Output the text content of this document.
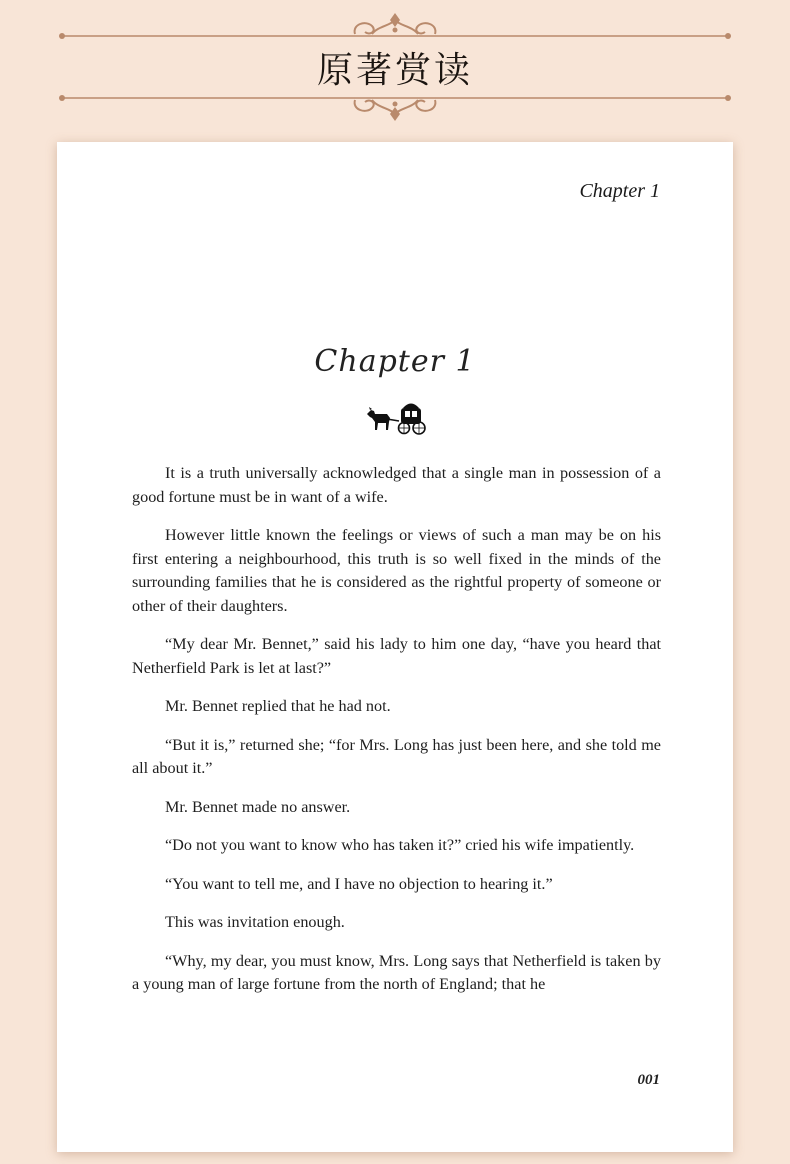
原著赏读
Chapter 1
Chapter 1

It is a truth universally acknowledged that a single man in possession of a good fortune must be in want of a wife.

However little known the feelings or views of such a man may be on his first entering a neighbourhood, this truth is so well fixed in the minds of the surrounding families that he is considered as the rightful property of someone or other of their daughters.

“My dear Mr. Bennet,” said his lady to him one day, “have you heard that Netherfield Park is let at last?”

Mr. Bennet replied that he had not.

“But it is,” returned she; “for Mrs. Long has just been here, and she told me all about it.”

Mr. Bennet made no answer.

“Do not you want to know who has taken it?” cried his wife impatiently.

“You want to tell me, and I have no objection to hearing it.”

This was invitation enough.

“Why, my dear, you must know, Mrs. Long says that Netherfield is taken by a young man of large fortune from the north of England; that he

001
